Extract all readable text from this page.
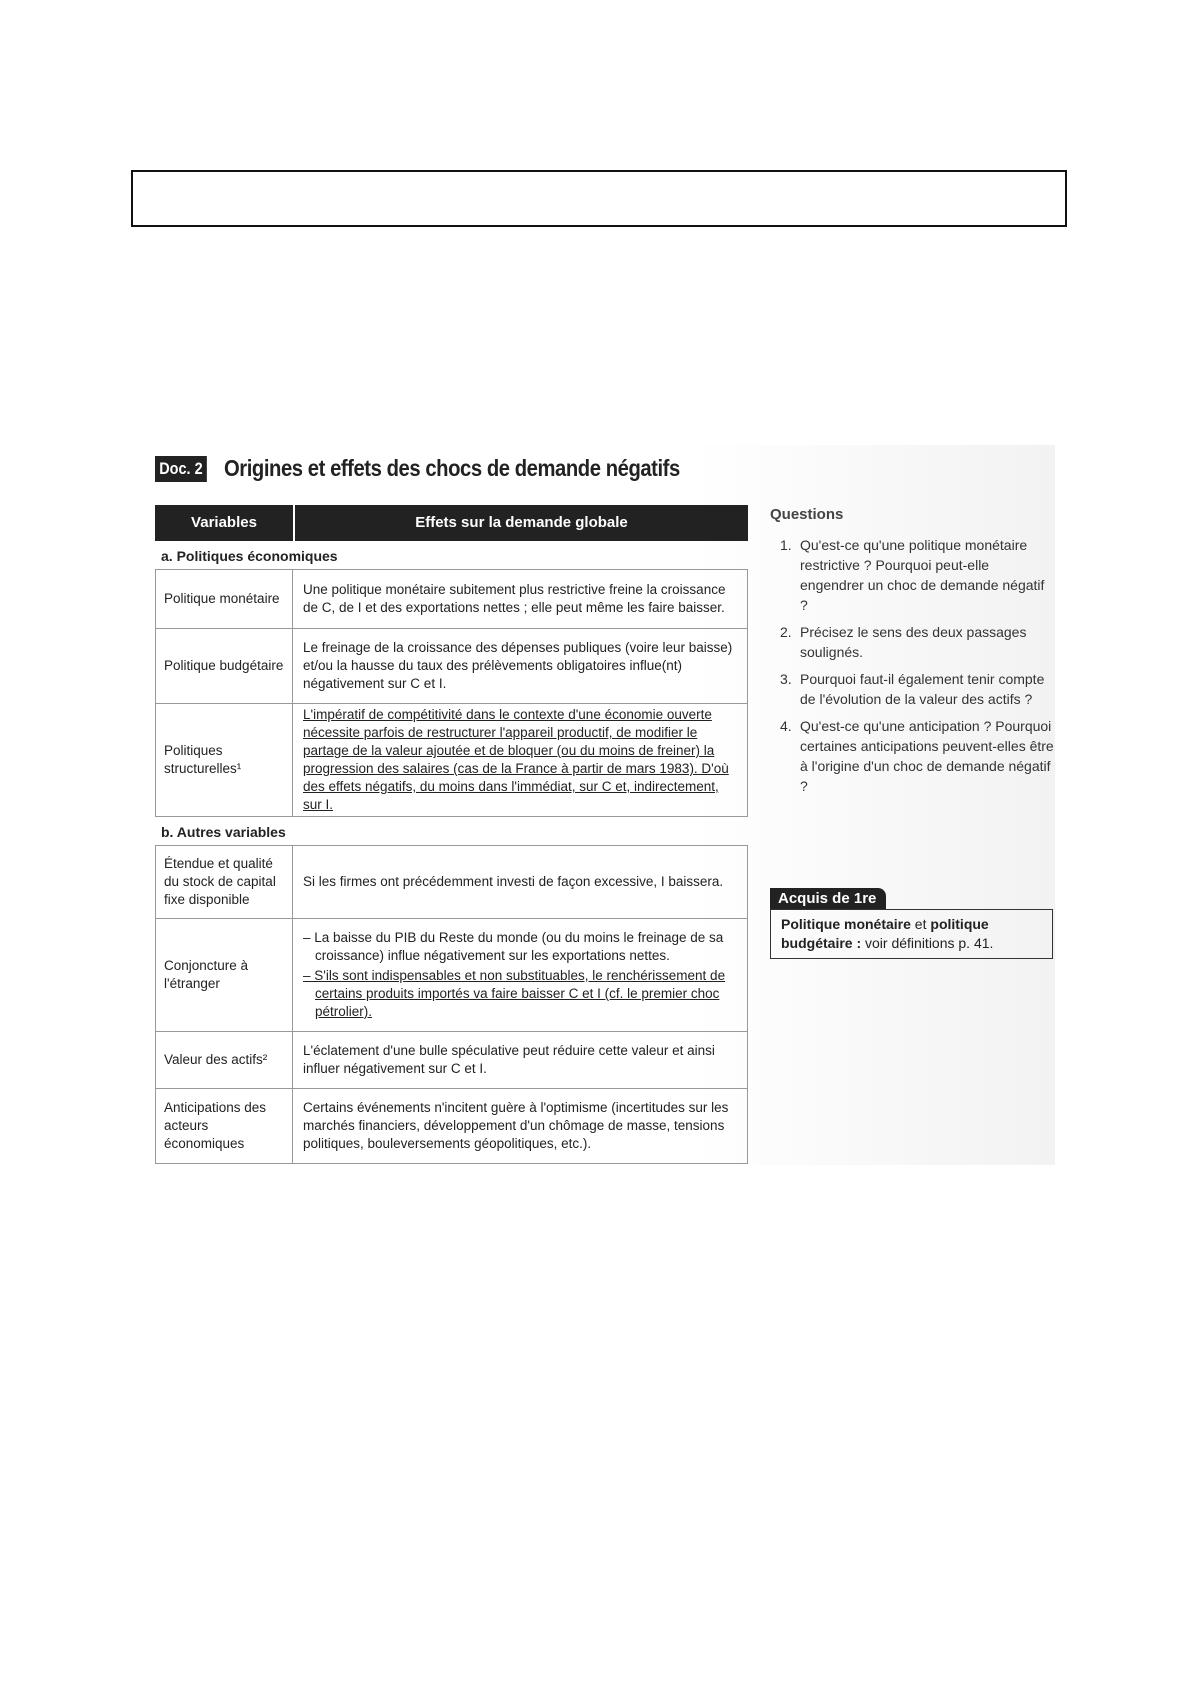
Doc. 2 Origines et effets des chocs de demande négatifs
Variables	Effets sur la demande globale
a. Politiques économiques
Politique monétaire
Une politique monétaire subitement plus restrictive freine la croissance de C, de I et des exportations nettes ; elle peut même les faire baisser.
Politique budgétaire
Le freinage de la croissance des dépenses publiques (voire leur baisse) et/ou la hausse du taux des prélèvements obligatoires influe(nt) négativement sur C et I.
Politiques structurelles¹
L'impératif de compétitivité dans le contexte d'une économie ouverte nécessite parfois de restructurer l'appareil productif, de modifier le partage de la valeur ajoutée et de bloquer (ou du moins de freiner) la progression des salaires (cas de la France à partir de mars 1983). D'où des effets négatifs, du moins dans l'immédiat, sur C et, indirectement, sur I.
b. Autres variables
Étendue et qualité du stock de capital fixe disponible
Si les firmes ont précédemment investi de façon excessive, I baissera.
Conjoncture à l'étranger
– La baisse du PIB du Reste du monde (ou du moins le freinage de sa croissance) influe négativement sur les exportations nettes.
– S'ils sont indispensables et non substituables, le renchérissement de certains produits importés va faire baisser C et I (cf. le premier choc pétrolier).
Valeur des actifs²
L'éclatement d'une bulle spéculative peut réduire cette valeur et ainsi influer négativement sur C et I.
Anticipations des acteurs économiques
Certains événements n'incitent guère à l'optimisme (incertitudes sur les marchés financiers, développement d'un chômage de masse, tensions politiques, bouleversements géopolitiques, etc.).
Questions
1. Qu'est-ce qu'une politique monétaire restrictive ? Pourquoi peut-elle engendrer un choc de demande négatif ?
2. Précisez le sens des deux passages soulignés.
3. Pourquoi faut-il également tenir compte de l'évolution de la valeur des actifs ?
4. Qu'est-ce qu'une anticipation ? Pourquoi certaines anticipations peuvent-elles être à l'origine d'un choc de demande négatif ?
Acquis de 1re
Politique monétaire et politique budgétaire : voir définitions p. 41.
